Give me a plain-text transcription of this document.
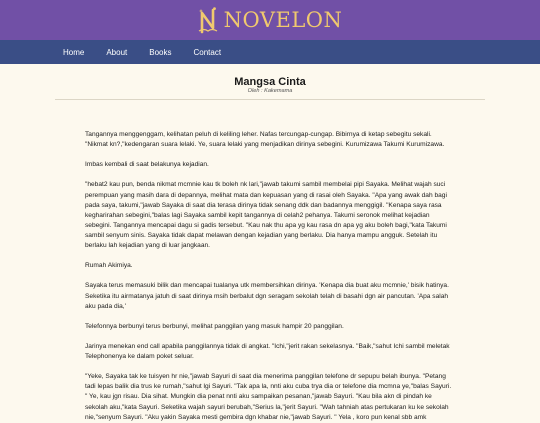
NOVELON
Home	About	Books	Contact
Mangsa Cinta
Oleh : Kakemama

Tangannya menggenggam, kelihatan peluh di keliling leher. Nafas tercungap-cungap. Bibirnya di ketap sebegitu sekali. "Nikmat kn?,"kedengaran suara lelaki. Ye, suara lelaki yang menjadikan dirinya sebegini. Kurumizawa Takumi Kurumizawa.

Imbas kembali di saat belakunya kejadian.

"hebat2 kau pun, benda nikmat mcmnie kau tk boleh nk lari,"jawab takumi sambil membelai pipi Sayaka. Melihat wajah suci perempuan yang masih dara di depannya, melihat mata dan kepuasan yang di rasai oleh Sayaka. "Apa yang awak dah bagi pada saya, takumi,"jawab Sayaka di saat dia terasa dirinya tidak senang ddk dan badannya menggigil. "Kenapa saya rasa kegharirahan sebegini,"balas lagi Sayaka sambil kepit tangannya di celah2 pehanya. Takumi seronok melihat kejadian sebegini. Tangannya mencapai dagu si gadis tersebut. "Kau nak thu apa yg kau rasa dn apa yg aku boleh bagi,"kata Takumi sambil senyum sinis. Sayaka tidak dapat melawan dengan kejadian yang berlaku. Dia hanya mampu angguk. Setelah itu berlaku lah kejadian yang di luar jangkaan.

Rumah Akimiya.

Sayaka terus memasuki bilik dan mencapai tualanya utk membersihkan dirinya. 'Kenapa dia buat aku mcmnie,' bisik hatinya. Seketika itu airmatanya jatuh di saat dirinya msih berbalut dgn seragam sekolah telah di basahi dgn air pancutan. 'Apa salah aku pada dia,'

Telefonnya berbunyi terus berbunyi, melihat panggilan yang masuk hampir 20 panggilan.

Jarinya menekan end call apabila panggilannya tidak di angkat. "Ichi,"jerit rakan sekelasnya. "Baik,"sahut Ichi sambil meletak Telephonenya ke dalam poket seluar.

"Yeke, Sayaka tak ke tuisyen hr nie,"jawab Sayuri di saat dia menerima panggilan telefone dr sepupu belah ibunya. "Petang tadi lepas balik dia trus ke rumah,"sahut lgi Sayuri. "Tak apa la, nnti aku cuba trya dia or telefone dia mcmna ye,"balas Sayuri. " Ye, kau jgn risau. Dia sihat. Mungkin dia penat nnti aku sampaikan pesanan,"jawab Sayuri. "Kau bila akn di pindah ke sekolah aku,"kata Sayuri. Seketika wajah sayuri berubah,"Serius la,"jerit Sayuri. "Wah tahniah atas pertukaran ku ke sekolah nie,"senyum Sayuri. "Aku yakin Sayaka mesti gembira dgn khabar nie,"jawab Sayuri. " Yela , koro pun kenal sbb amk
